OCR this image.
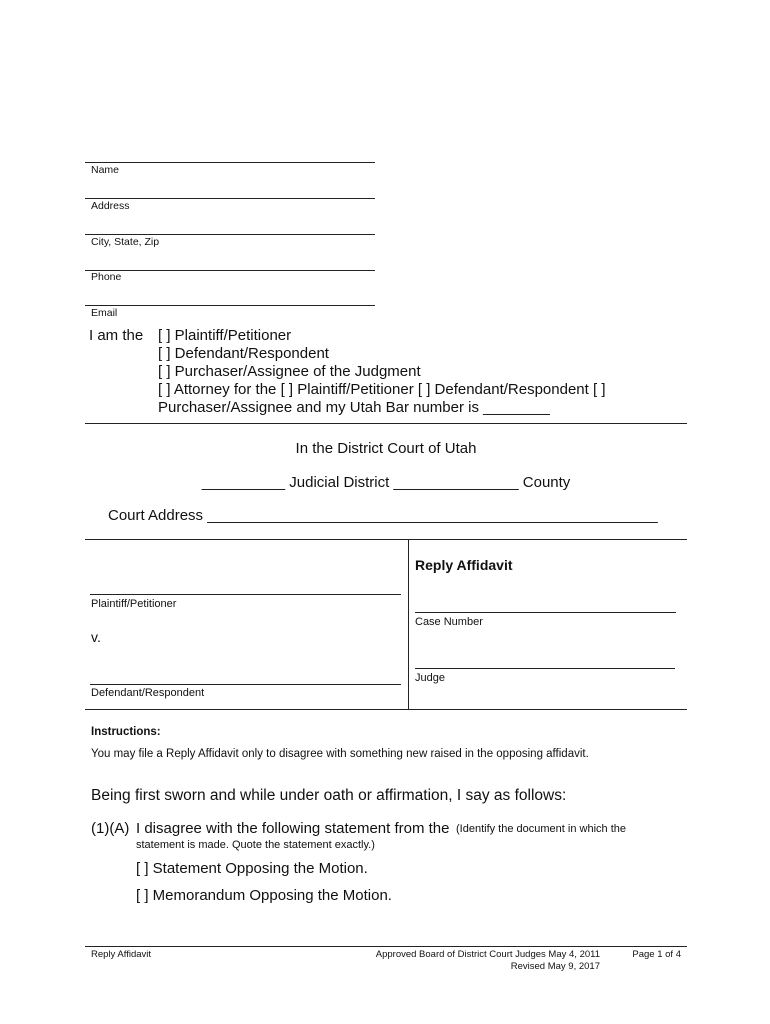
Name
Address
City, State, Zip
Phone
Email
I am the [ ] Plaintiff/Petitioner
[ ] Defendant/Respondent
[ ] Purchaser/Assignee of the Judgment
[ ] Attorney for the [ ] Plaintiff/Petitioner [ ] Defendant/Respondent [ ]
Purchaser/Assignee and my Utah Bar number is ________
In the District Court of Utah
__________ Judicial District _______________ County
Court Address ______________________________________________________
Plaintiff/Petitioner
v.
Defendant/Respondent
Reply Affidavit
Case Number
Judge
Instructions:
You may file a Reply Affidavit only to disagree with something new raised in the opposing affidavit.
Being first sworn and while under oath or affirmation, I say as follows:
(1)(A) I disagree with the following statement from the (Identify the document in which the
statement is made. Quote the statement exactly.)
[ ] Statement Opposing the Motion.
[ ] Memorandum Opposing the Motion.
Reply Affidavit	Approved Board of District Court Judges May 4, 2011
Revised May 9, 2017
Page 1 of 4
